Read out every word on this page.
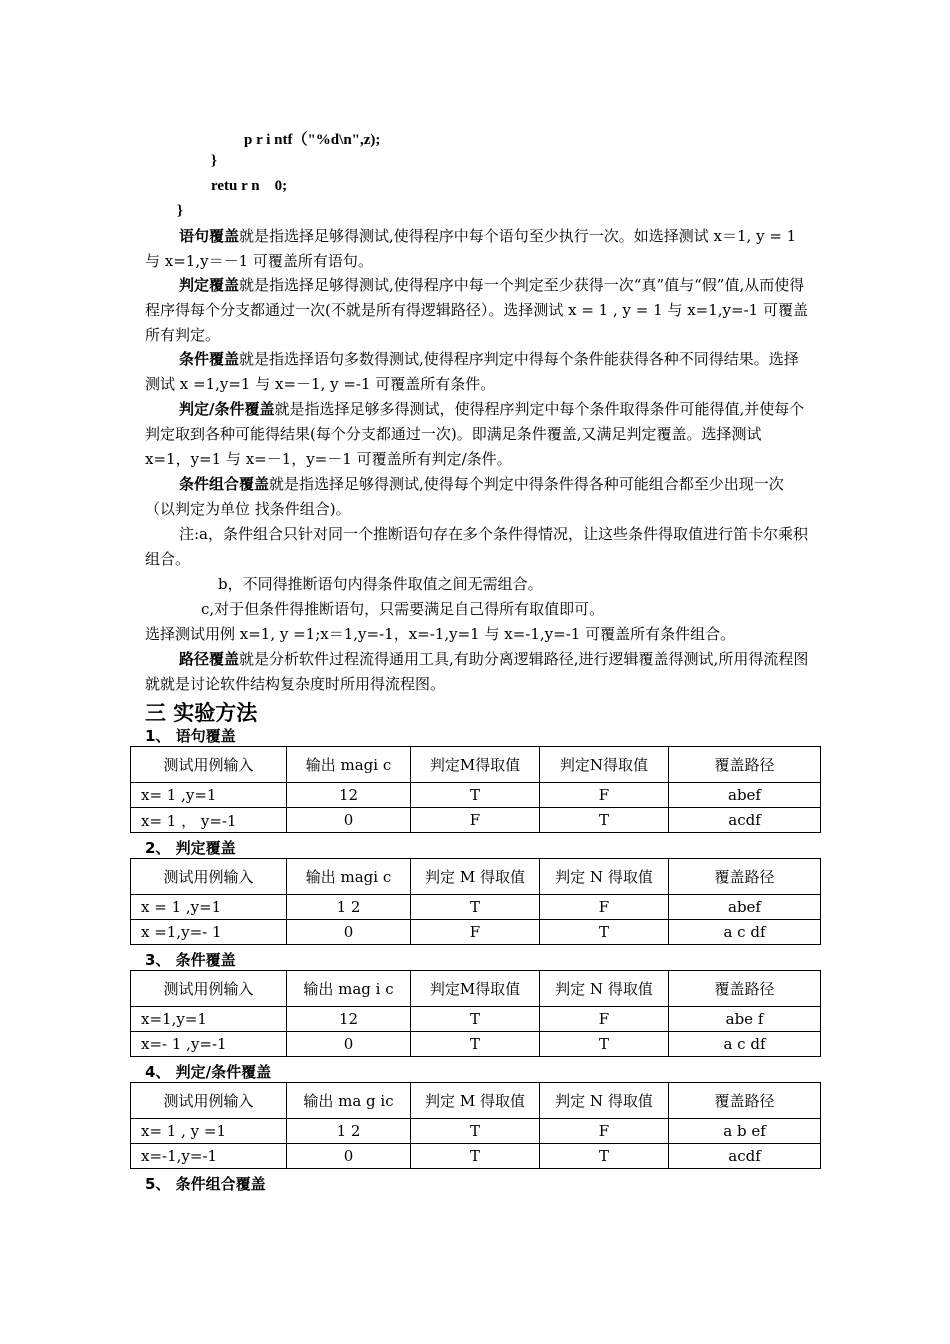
p r i ntf（"%d\n",z);
}
retu r n    0;
}
语句覆盖就是指选择足够得测试,使得程序中每个语句至少执行一次。如选择测试 x＝1, y = 1 与 x=1,y＝－1 可覆盖所有语句。
判定覆盖就是指选择足够得测试,使得程序中每一个判定至少获得一次“真”值与“假”值,从而使得程序得每个分支都通过一次(不就是所有得逻辑路径）。选择测试 x = 1 , y = 1 与 x=1,y=-1 可覆盖所有判定。
条件覆盖就是指选择语句多数得测试,使得程序判定中得每个条件能获得各种不同得结果。选择测试 x =1,y=1 与 x=－1, y =-1 可覆盖所有条件。
判定/条件覆盖就是指选择足够多得测试，使得程序判定中每个条件取得条件可能得值,并使每个判定取到各种可能得结果(每个分支都通过一次)。即满足条件覆盖,又满足判定覆盖。选择测试 x=1，y=1 与 x=－1，y=－1 可覆盖所有判定/条件。
条件组合覆盖就是指选择足够得测试,使得每个判定中得条件得各种可能组合都至少出现一次（以判定为单位 找条件组合)。
注:a，条件组合只针对同一个推断语句存在多个条件得情况，让这些条件得取值进行笛卡尔乘积组合。
b，不同得推断语句内得条件取值之间无需组合。
c,对于但条件得推断语句，只需要满足自己得所有取值即可。
选择测试用例 x=1, y =1;x＝1,y=-1，x=-1,y=1 与 x=-1,y=-1 可覆盖所有条件组合。
路径覆盖就是分析软件过程流得通用工具,有助分离逻辑路径,进行逻辑覆盖得测试,所用得流程图就就是讨论软件结构复杂度时所用得流程图。
三 实验方法
1、 语句覆盖
测试用例输入	输出 magi c	判定M得取值	判定N得取值	覆盖路径
x= 1 ,y=1	12	T	F	abef
x= 1 ， y=-1	0	F	T	acdf
2、 判定覆盖
测试用例输入	输出 magi c	判定 M 得取值	判定 N 得取值	覆盖路径
x = 1 ,y=1	1 2	T	F	abef
x =1,y=- 1	0	F	T	a c df
3、 条件覆盖
测试用例输入	输出 mag i c	判定M得取值	判定 N 得取值	覆盖路径
x=1,y=1	12	T	F	abe f
x=- 1 ,y=-1	0	T	T	a c df
4、 判定/条件覆盖
测试用例输入	输出 ma g ic	判定 M 得取值	判定 N 得取值	覆盖路径
x= 1 , y =1	1 2	T	F	a b ef
x=-1,y=-1	0	T	T	acdf
5、 条件组合覆盖
